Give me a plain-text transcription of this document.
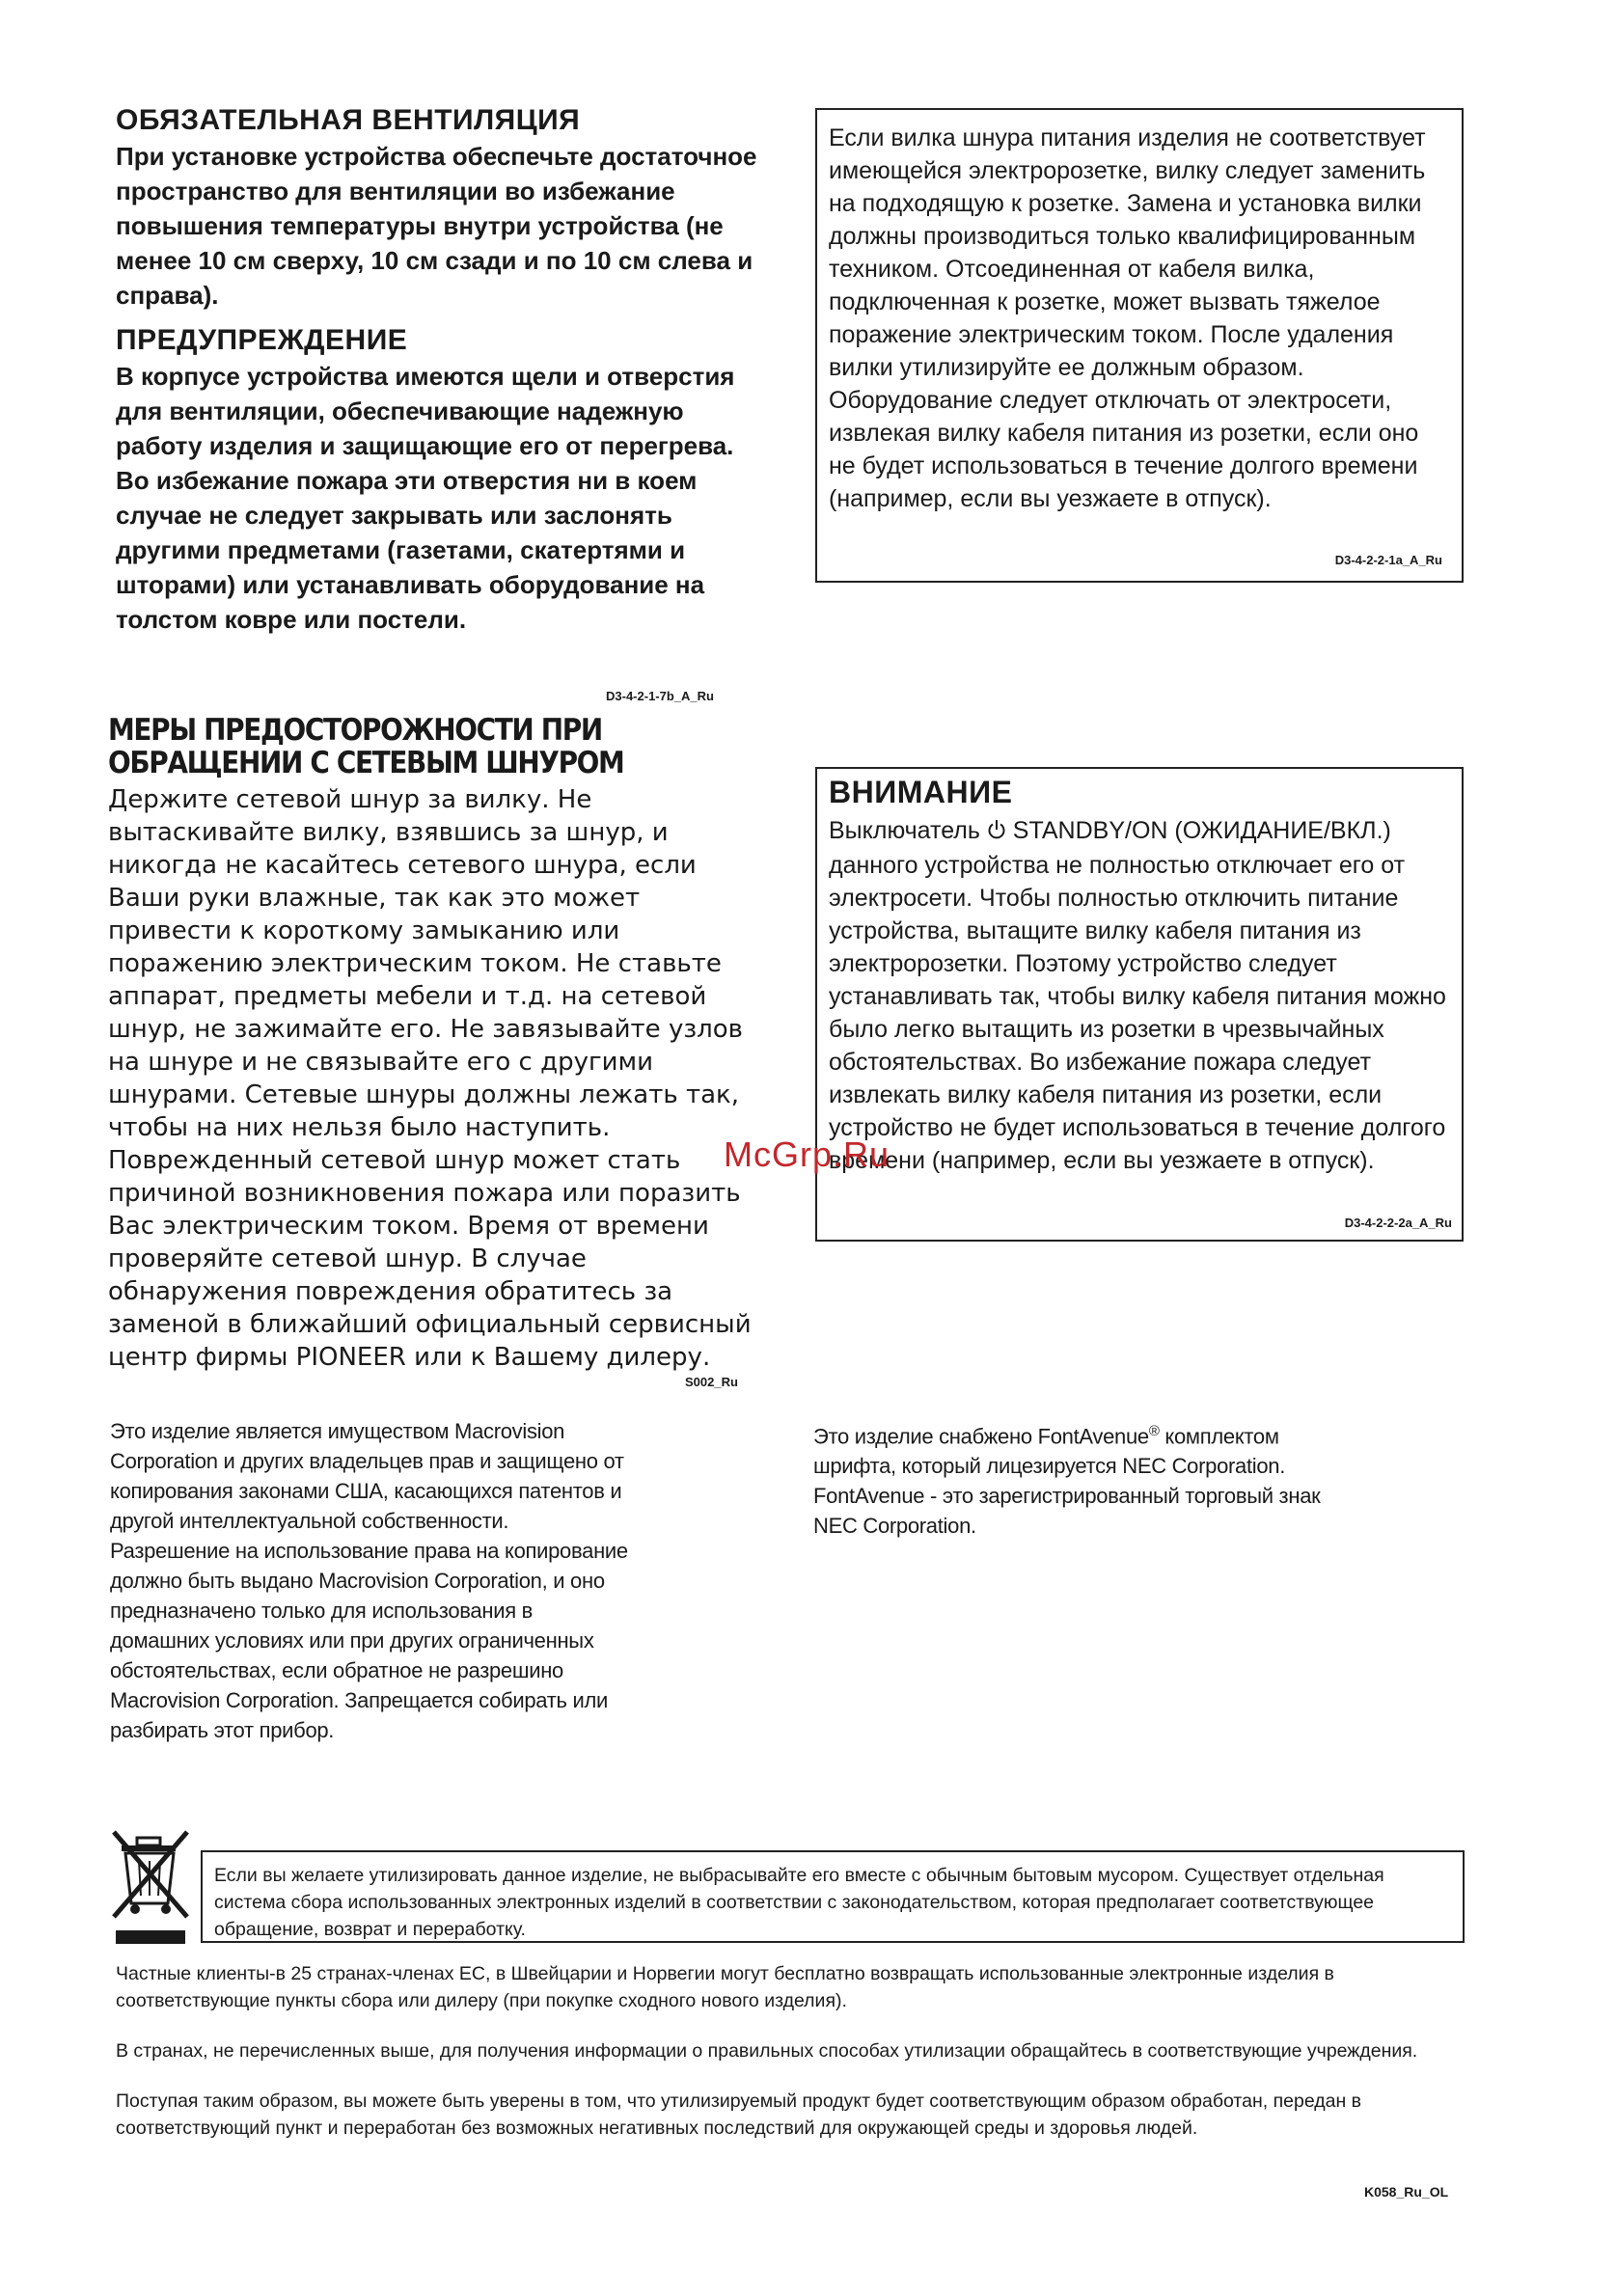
ОБЯЗАТЕЛЬНАЯ ВЕНТИЛЯЦИЯ

При установке устройства обеспечьте достаточное пространство для вентиляции во избежание повышения температуры внутри устройства (не менее 10 см сверху, 10 см сзади и по 10 см слева и справа).

ПРЕДУПРЕЖДЕНИЕ

В корпусе устройства имеются щели и отверстия для вентиляции, обеспечивающие надежную работу изделия и защищающие его от перегрева. Во избежание пожара эти отверстия ни в коем случае не следует закрывать или заслонять другими предметами (газетами, скатертями и шторами) или устанавливать оборудование на толстом ковре или постели.

D3-4-2-1-7b_A_Ru

Если вилка шнура питания изделия не соответствует имеющейся электророзетке, вилку следует заменить на подходящую к розетке. Замена и установка вилки должны производиться только квалифицированным техником. Отсоединенная от кабеля вилка, подключенная к розетке, может вызвать тяжелое поражение электрическим током. После удаления вилки утилизируйте ее должным образом. Оборудование следует отключать от электросети, извлекая вилку кабеля питания из розетки, если оно не будет использоваться в течение долгого времени (например, если вы уезжаете в отпуск).

D3-4-2-2-1a_A_Ru
МЕРЫ ПРЕДОСТОРОЖНОСТИ ПРИ
ОБРАЩЕНИИ С СЕТЕВЫМ ШНУРОМ

Держите сетевой шнур за вилку. Не вытаскивайте вилку, взявшись за шнур, и никогда не касайтесь сетевого шнура, если Ваши руки влажные, так как это может привести к короткому замыканию или поражению электрическим током. Не ставьте аппарат, предметы мебели и т.д. на сетевой шнур, не зажимайте его. Не завязывайте узлов на шнуре и не связывайте его с другими шнурами. Сетевые шнуры должны лежать так, чтобы на них нельзя было наступить. Поврежденный сетевой шнур может стать причиной возникновения пожара или поразить Вас электрическим током. Время от времени проверяйте сетевой шнур. В случае обнаружения повреждения обратитесь за заменой в ближайший официальный сервисный центр фирмы PIONEER или к Вашему дилеру.

S002_Ru
ВНИМАНИЕ

Выключатель  STANDBY/ON (ОЖИДАНИЕ/ВКЛ.) данного устройства не полностью отключает его от электросети. Чтобы полностью отключить питание устройства, вытащите вилку кабеля питания из электророзетки. Поэтому устройство следует устанавливать так, чтобы вилку кабеля питания можно было легко вытащить из розетки в чрезвычайных обстоятельствах. Во избежание пожара следует извлекать вилку кабеля питания из розетки, если устройство не будет использоваться в течение долгого времени (например, если вы уезжаете в отпуск).

D3-4-2-2-2a_A_Ru
McGrp.Ru

Это изделие является имуществом Macrovision Corporation и других владельцев прав и защищено от копирования законами США, касающихся патентов и другой интеллектуальной собственности. Разрешение на использование права на копирование должно быть выдано Macrovision Corporation, и оно предназначено только для использования в домашних условиях или при других ограниченных обстоятельствах, если обратное не разрешино Macrovision Corporation. Запрещается собирать или разбирать этот прибор.

Это изделие снабжено FontAvenue® комплектом шрифта, который лицезируется NEC Corporation. FontAvenue - это зарегистрированный торговый знак NEC Corporation.

Если вы желаете утилизировать данное изделие, не выбрасывайте его вместе с обычным бытовым мусором. Существует отдельная система сбора использованных электронных изделий в соответствии с законодательством, которая предполагает соответствующее обращение, возврат и переработку.

Частные клиенты-в 25 странах-членах ЕС, в Швейцарии и Норвегии могут бесплатно возвращать использованные электронные изделия в соответствующие пункты сбора или дилеру (при покупке сходного нового изделия).

В странах, не перечисленных выше, для получения информации о правильных способах утилизации обращайтесь в соответствующие учреждения.

Поступая таким образом, вы можете быть уверены в том, что утилизируемый продукт будет соответствующим образом обработан, передан в соответствующий пункт и переработан без возможных негативных последствий для окружающей среды и здоровья людей.

K058_Ru_OL
